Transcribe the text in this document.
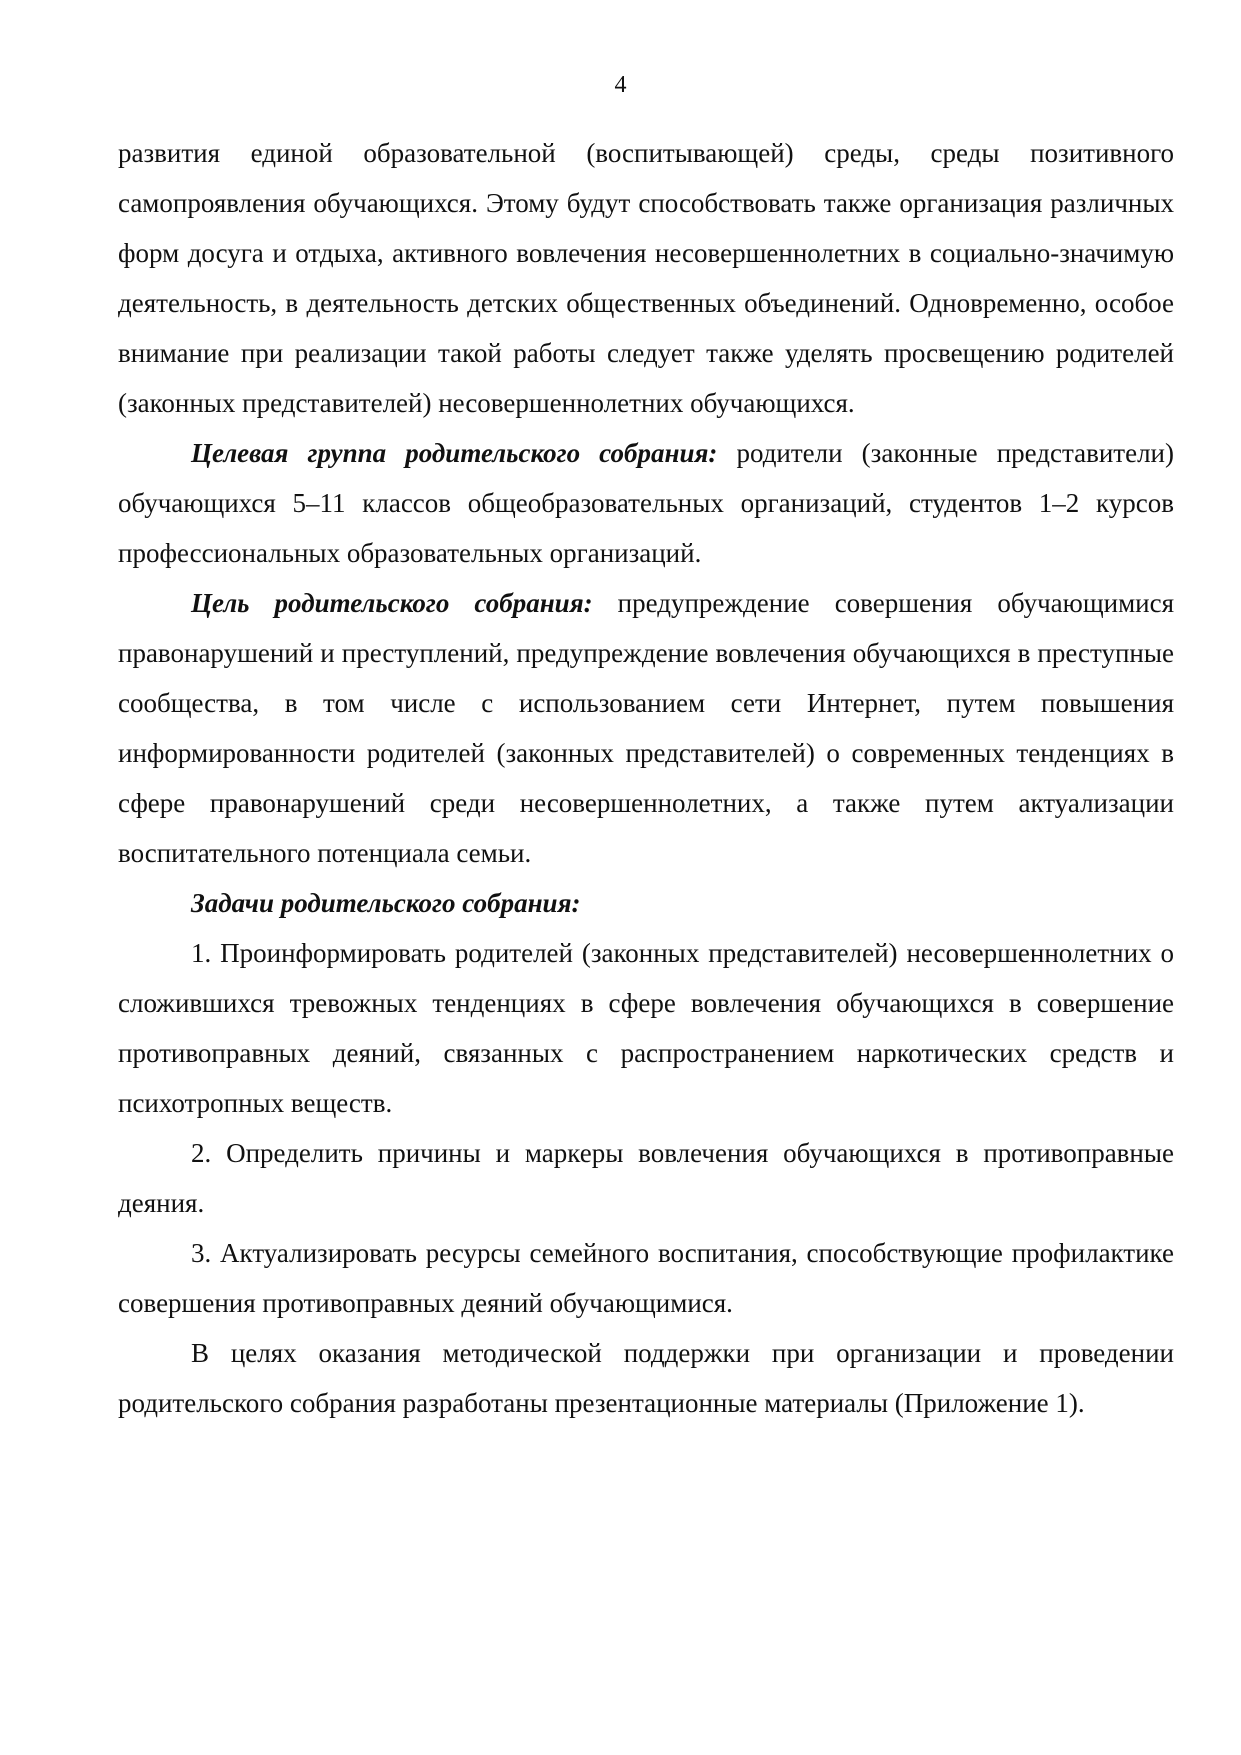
4

развития единой образовательной (воспитывающей) среды, среды позитивного самопроявления обучающихся. Этому будут способствовать также организация различных форм досуга и отдыха, активного вовлечения несовершеннолетних в социально-значимую деятельность, в деятельность детских общественных объединений. Одновременно, особое внимание при реализации такой работы следует также уделять просвещению родителей (законных представителей) несовершеннолетних обучающихся.

Целевая группа родительского собрания: родители (законные представители) обучающихся 5–11 классов общеобразовательных организаций, студентов 1–2 курсов профессиональных образовательных организаций.

Цель родительского собрания: предупреждение совершения обучающимися правонарушений и преступлений, предупреждение вовлечения обучающихся в преступные сообщества, в том числе с использованием сети Интернет, путем повышения информированности родителей (законных представителей) о современных тенденциях в сфере правонарушений среди несовершеннолетних, а также путем актуализации воспитательного потенциала семьи.

Задачи родительского собрания:

1. Проинформировать родителей (законных представителей) несовершеннолетних о сложившихся тревожных тенденциях в сфере вовлечения обучающихся в совершение противоправных деяний, связанных с распространением наркотических средств и психотропных веществ.

2. Определить причины и маркеры вовлечения обучающихся в противоправные деяния.

3. Актуализировать ресурсы семейного воспитания, способствующие профилактике совершения противоправных деяний обучающимися.

В целях оказания методической поддержки при организации и проведении родительского собрания разработаны презентационные материалы (Приложение 1).
